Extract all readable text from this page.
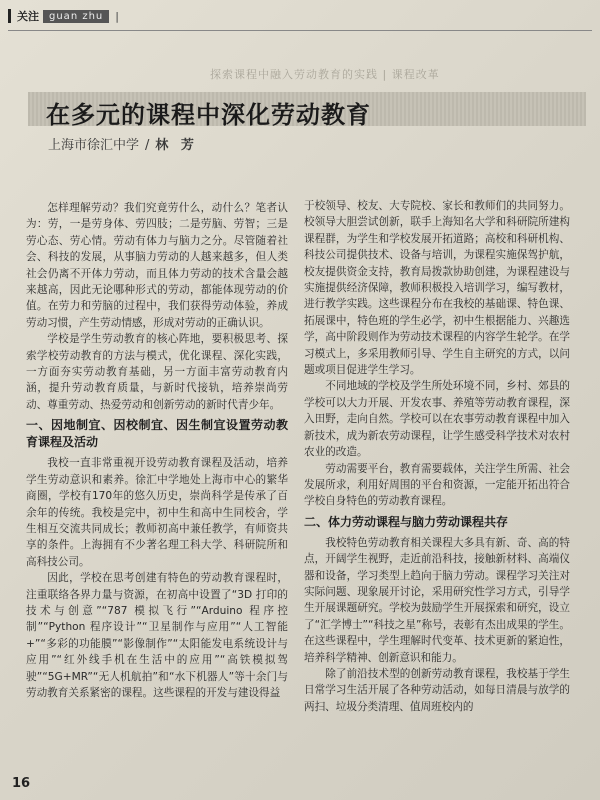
关注	guan zhu	|
探索课程中融入劳动教育的实践 | 课程改革
在多元的课程中深化劳动教育
上海市徐汇中学 / 林 芳

怎样理解劳动？我们究竟劳什么，动什么？笔者认为：劳，一是劳身体、劳四肢；二是劳脑、劳智；三是劳心态、劳心情。劳动有体力与脑力之分。尽管随着社会、科技的发展，从事脑力劳动的人越来越多，但人类社会仍离不开体力劳动，而且体力劳动的技术含量会越来越高，因此无论哪种形式的劳动，都能体现劳动的价值。在劳力和劳脑的过程中，我们获得劳动体验，养成劳动习惯，产生劳动情感，形成对劳动的正确认识。

学校是学生劳动教育的核心阵地，要积极思考、探索学校劳动教育的方法与模式，优化课程、深化实践，一方面夯实劳动教育基础，另一方面丰富劳动教育内涵，提升劳动教育质量，与新时代接轨，培养崇尚劳动、尊重劳动、热爱劳动和创新劳动的新时代青少年。

一、因地制宜、因校制宜、因生制宜设置劳动教育课程及活动

我校一直非常重视开设劳动教育课程及活动，培养学生劳动意识和素养。徐汇中学地处上海市中心的繁华商圈，学校有170年的悠久历史，崇尚科学是传承了百余年的传统。我校是完中，初中生和高中生同校舍，学生相互交流共同成长；教师初高中兼任教学，有师资共享的条件。上海拥有不少著名理工科大学、科研院所和高科技公司。

因此，学校在思考创建有特色的劳动教育课程时，注重联络各界力量与资源，在初高中设置了“3D 打印的技术与创意”“787 模拟飞行”“Arduino 程序控制”“Python 程序设计”“卫星制作与应用”“人工智能+”“多彩的功能膜”“影像制作”“太阳能发电系统设计与应用”“红外线手机在生活中的应用”“高铁模拟驾驶”“5G+MR”“无人机航拍”和“水下机器人”等十余门与劳动教育关系紧密的课程。这些课程的开发与建设得益

于校领导、校友、大专院校、家长和教师们的共同努力。校领导大胆尝试创新，联手上海知名大学和科研院所建构课程群，为学生和学校发展开拓道路；高校和科研机构、科技公司提供技术、设备与培训，为课程实施保驾护航，校友提供资金支持，教育局拨款协助创建，为课程建设与实施提供经济保障，教师积极投入培训学习，编写教材，进行教学实践。这些课程分布在我校的基础课、特色课、拓展课中，特色班的学生必学，初中生根据能力、兴趣选学，高中阶段则作为劳动技术课程的内容学生轮学。在学习模式上，多采用教师引导、学生自主研究的方式，以问题或项目促进学生学习。

不同地域的学校及学生所处环境不同，乡村、郊县的学校可以大力开展、开发农事、养殖等劳动教育课程，深入田野，走向自然。学校可以在农事劳动教育课程中加入新技术，成为新农劳动课程，让学生感受科学技术对农村农业的改造。

劳动需要平台，教育需要载体，关注学生所需、社会发展所求，利用好周围的平台和资源，一定能开拓出符合学校自身特色的劳动教育课程。

二、体力劳动课程与脑力劳动课程共存

我校特色劳动教育相关课程大多具有新、奇、高的特点，开阔学生视野，走近前沿科技，接触新材料、高端仪器和设备，学习类型上趋向于脑力劳动。课程学习关注对实际问题、现象展开讨论，采用研究性学习方式，引导学生开展课题研究。学校为鼓励学生开展探索和研究，设立了“汇学博士”“科技之星”称号，表彰有杰出成果的学生。在这些课程中，学生理解时代变革、技术更新的紧迫性，培养科学精神、创新意识和能力。

除了前沿技术型的创新劳动教育课程，我校基于学生日常学习生活开展了各种劳动活动，如每日清晨与放学的两扫、垃圾分类清理、值周班校内的

16
